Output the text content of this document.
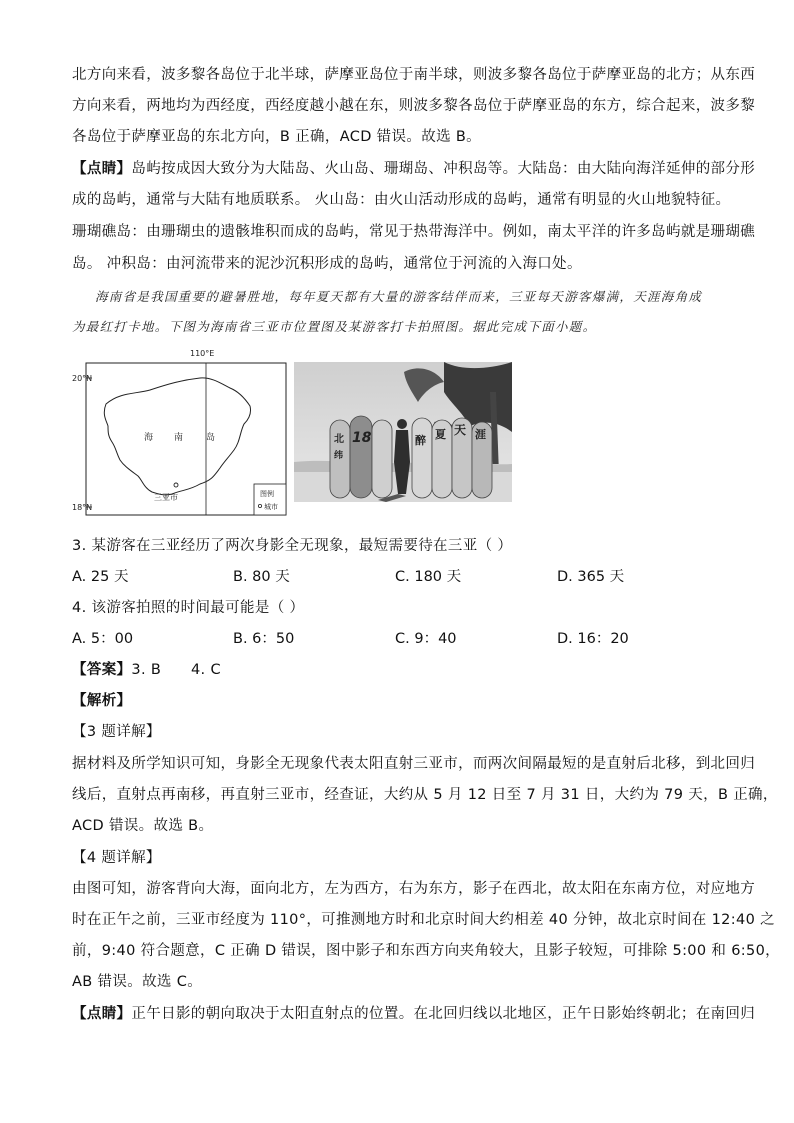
北方向来看，波多黎各岛位于北半球，萨摩亚岛位于南半球，则波多黎各岛位于萨摩亚岛的北方；从东西
方向来看，两地均为西经度，西经度越小越在东，则波多黎各岛位于萨摩亚岛的东方，综合起来，波多黎
各岛位于萨摩亚岛的东北方向，B 正确，ACD 错误。故选 B。
【点睛】岛屿按成因大致分为大陆岛、火山岛、珊瑚岛、冲积岛等。大陆岛：由大陆向海洋延伸的部分形
成的岛屿，通常与大陆有地质联系。 火山岛：由火山活动形成的岛屿，通常有明显的火山地貌特征。
珊瑚礁岛：由珊瑚虫的遗骸堆积而成的岛屿，常见于热带海洋中。例如，南太平洋的许多岛屿就是珊瑚礁
岛。 冲积岛：由河流带来的泥沙沉积形成的岛屿，通常位于河流的入海口处。
海南省是我国重要的避暑胜地，每年夏天都有大量的游客结伴而来，三亚每天游客爆满，天涯海角成
为最红打卡地。下图为海南省三亚市位置图及某游客打卡拍照图。据此完成下面小题。
110°E
20°N
18°N
海 南	岛
三亚市	图例
城市
北
纬
18	醉 夏 天 涯
3. 某游客在三亚经历了两次身影全无现象，最短需要待在三亚（ ）
A. 25 天	B. 80 天	C. 180 天	D. 365 天
4. 该游客拍照的时间最可能是（ ）
A. 5：00	B. 6：50	C. 9：40	D. 16：20
【答案】3. B      4. C
【解析】
【3 题详解】
据材料及所学知识可知，身影全无现象代表太阳直射三亚市，而两次间隔最短的是直射后北移，到北回归
线后，直射点再南移，再直射三亚市，经查证，大约从 5 月 12 日至 7 月 31 日，大约为 79 天，B 正确，
ACD 错误。故选 B。
【4 题详解】
由图可知，游客背向大海，面向北方，左为西方，右为东方，影子在西北，故太阳在东南方位，对应地方
时在正午之前，三亚市经度为 110°，可推测地方时和北京时间大约相差 40 分钟，故北京时间在 12:40 之
前，9:40 符合题意，C 正确 D 错误，图中影子和东西方向夹角较大，且影子较短，可排除 5:00 和 6:50，
AB 错误。故选 C。
【点睛】正午日影的朝向取决于太阳直射点的位置。在北回归线以北地区，正午日影始终朝北；在南回归
